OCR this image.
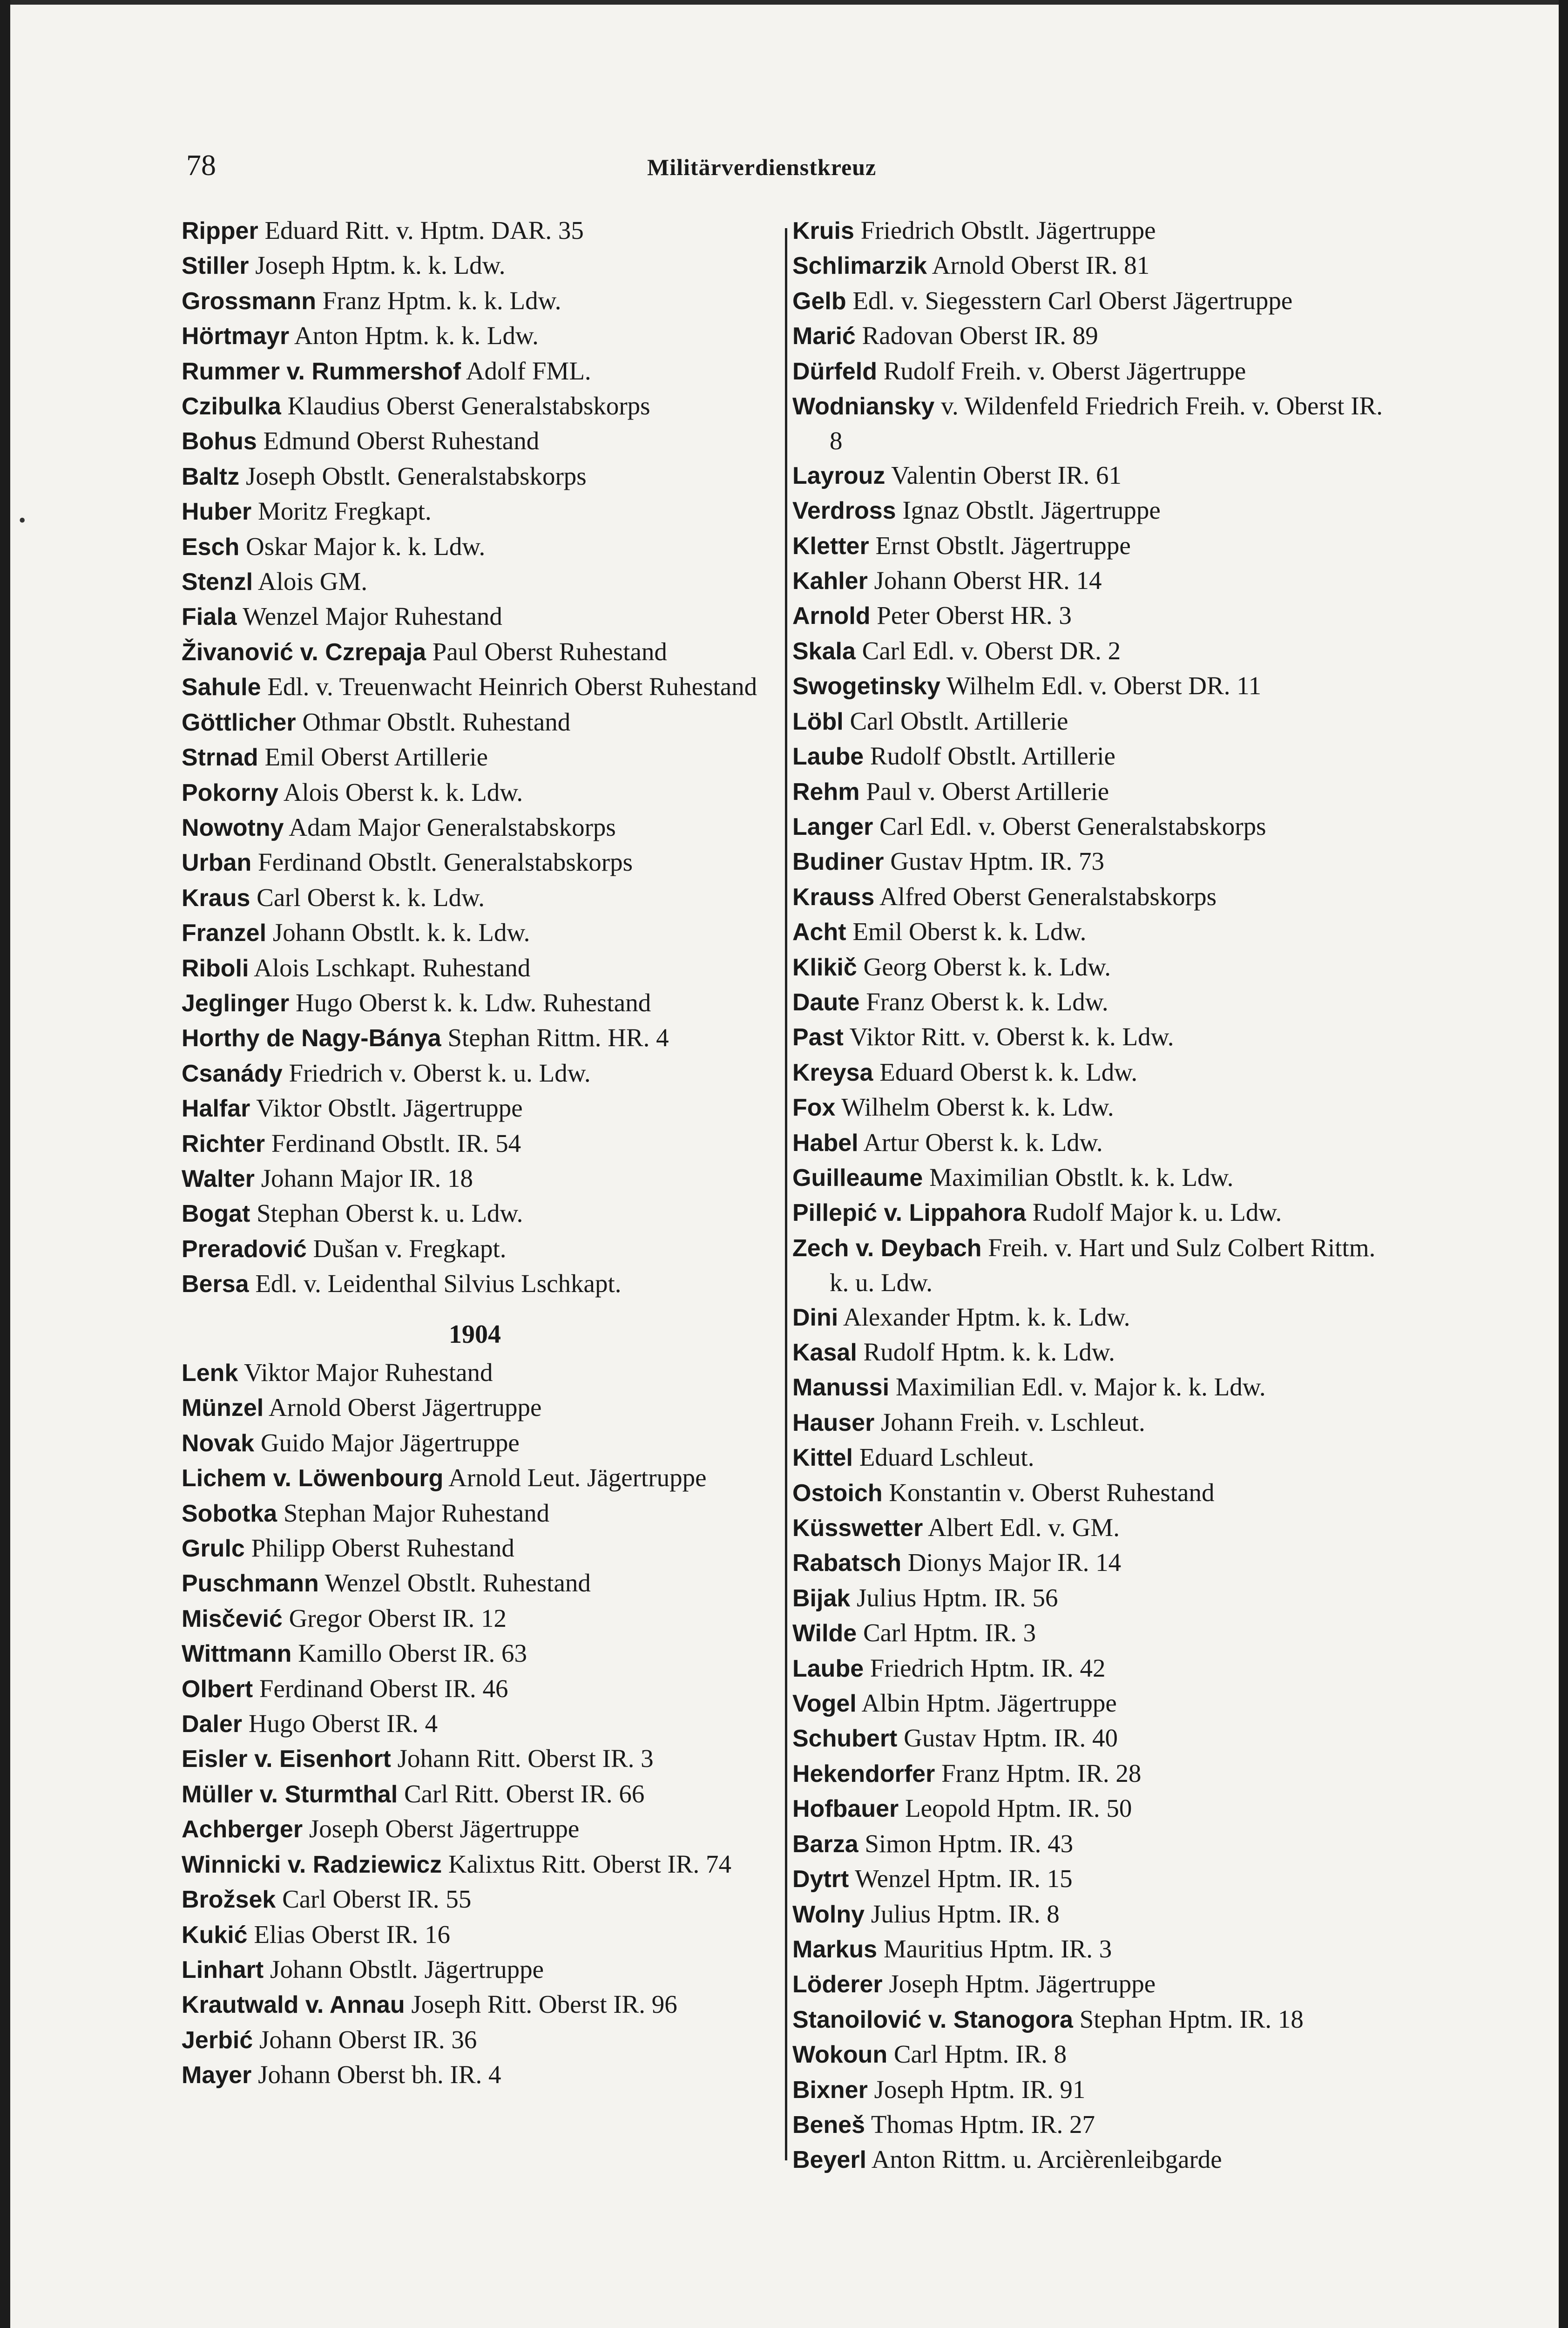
78	Militärverdienstkreuz
•

Ripper Eduard Ritt. v. Hptm. DAR. 35

Stiller Joseph Hptm. k. k. Ldw.

Grossmann Franz Hptm. k. k. Ldw.

Hörtmayr Anton Hptm. k. k. Ldw.

Rummer v. Rummershof Adolf FML.

Czibulka Klaudius Oberst Generalstabskorps

Bohus Edmund Oberst Ruhestand

Baltz Joseph Obstlt. Generalstabskorps

Huber Moritz Fregkapt.

Esch Oskar Major k. k. Ldw.

Stenzl Alois GM.

Fiala Wenzel Major Ruhestand

Živanović v. Czrepaja Paul Oberst Ruhestand

Sahule Edl. v. Treuenwacht Heinrich Oberst Ruhestand

Göttlicher Othmar Obstlt. Ruhestand

Strnad Emil Oberst Artillerie

Pokorny Alois Oberst k. k. Ldw.

Nowotny Adam Major Generalstabskorps

Urban Ferdinand Obstlt. Generalstabskorps

Kraus Carl Oberst k. k. Ldw.

Franzel Johann Obstlt. k. k. Ldw.

Riboli Alois Lschkapt. Ruhestand

Jeglinger Hugo Oberst k. k. Ldw. Ruhestand

Horthy de Nagy-Bánya Stephan Rittm. HR. 4

Csanády Friedrich v. Oberst k. u. Ldw.

Halfar Viktor Obstlt. Jägertruppe

Richter Ferdinand Obstlt. IR. 54

Walter Johann Major IR. 18

Bogat Stephan Oberst k. u. Ldw.

Preradović Dušan v. Fregkapt.

Bersa Edl. v. Leidenthal Silvius Lschkapt.

1904

Lenk Viktor Major Ruhestand

Münzel Arnold Oberst Jägertruppe

Novak Guido Major Jägertruppe

Lichem v. Löwenbourg Arnold Leut. Jägertruppe

Sobotka Stephan Major Ruhestand

Grulc Philipp Oberst Ruhestand

Puschmann Wenzel Obstlt. Ruhestand

Misčević Gregor Oberst IR. 12

Wittmann Kamillo Oberst IR. 63

Olbert Ferdinand Oberst IR. 46

Daler Hugo Oberst IR. 4

Eisler v. Eisenhort Johann Ritt. Oberst IR. 3

Müller v. Sturmthal Carl Ritt. Oberst IR. 66

Achberger Joseph Oberst Jägertruppe

Winnicki v. Radziewicz Kalixtus Ritt. Oberst IR. 74

Brožsek Carl Oberst IR. 55

Kukić Elias Oberst IR. 16

Linhart Johann Obstlt. Jägertruppe

Krautwald v. Annau Joseph Ritt. Oberst IR. 96

Jerbić Johann Oberst IR. 36

Mayer Johann Oberst bh. IR. 4

Kruis Friedrich Obstlt. Jägertruppe

Schlimarzik Arnold Oberst IR. 81

Gelb Edl. v. Siegesstern Carl Oberst Jägertruppe

Marić Radovan Oberst IR. 89

Dürfeld Rudolf Freih. v. Oberst Jägertruppe

Wodniansky v. Wildenfeld Friedrich Freih. v. Oberst IR. 8

Layrouz Valentin Oberst IR. 61

Verdross Ignaz Obstlt. Jägertruppe

Kletter Ernst Obstlt. Jägertruppe

Kahler Johann Oberst HR. 14

Arnold Peter Oberst HR. 3

Skala Carl Edl. v. Oberst DR. 2

Swogetinsky Wilhelm Edl. v. Oberst DR. 11

Löbl Carl Obstlt. Artillerie

Laube Rudolf Obstlt. Artillerie

Rehm Paul v. Oberst Artillerie

Langer Carl Edl. v. Oberst Generalstabskorps

Budiner Gustav Hptm. IR. 73

Krauss Alfred Oberst Generalstabskorps

Acht Emil Oberst k. k. Ldw.

Klikič Georg Oberst k. k. Ldw.

Daute Franz Oberst k. k. Ldw.

Past Viktor Ritt. v. Oberst k. k. Ldw.

Kreysa Eduard Oberst k. k. Ldw.

Fox Wilhelm Oberst k. k. Ldw.

Habel Artur Oberst k. k. Ldw.

Guilleaume Maximilian Obstlt. k. k. Ldw.

Pillepić v. Lippahora Rudolf Major k. u. Ldw.

Zech v. Deybach Freih. v. Hart und Sulz Colbert Rittm. k. u. Ldw.

Dini Alexander Hptm. k. k. Ldw.

Kasal Rudolf Hptm. k. k. Ldw.

Manussi Maximilian Edl. v. Major k. k. Ldw.

Hauser Johann Freih. v. Lschleut.

Kittel Eduard Lschleut.

Ostoich Konstantin v. Oberst Ruhestand

Küsswetter Albert Edl. v. GM.

Rabatsch Dionys Major IR. 14

Bijak Julius Hptm. IR. 56

Wilde Carl Hptm. IR. 3

Laube Friedrich Hptm. IR. 42

Vogel Albin Hptm. Jägertruppe

Schubert Gustav Hptm. IR. 40

Hekendorfer Franz Hptm. IR. 28

Hofbauer Leopold Hptm. IR. 50

Barza Simon Hptm. IR. 43

Dytrt Wenzel Hptm. IR. 15

Wolny Julius Hptm. IR. 8

Markus Mauritius Hptm. IR. 3

Löderer Joseph Hptm. Jägertruppe

Stanoilović v. Stanogora Stephan Hptm. IR. 18

Wokoun Carl Hptm. IR. 8

Bixner Joseph Hptm. IR. 91

Beneš Thomas Hptm. IR. 27

Beyerl Anton Rittm. u. Arcièrenleibgarde
